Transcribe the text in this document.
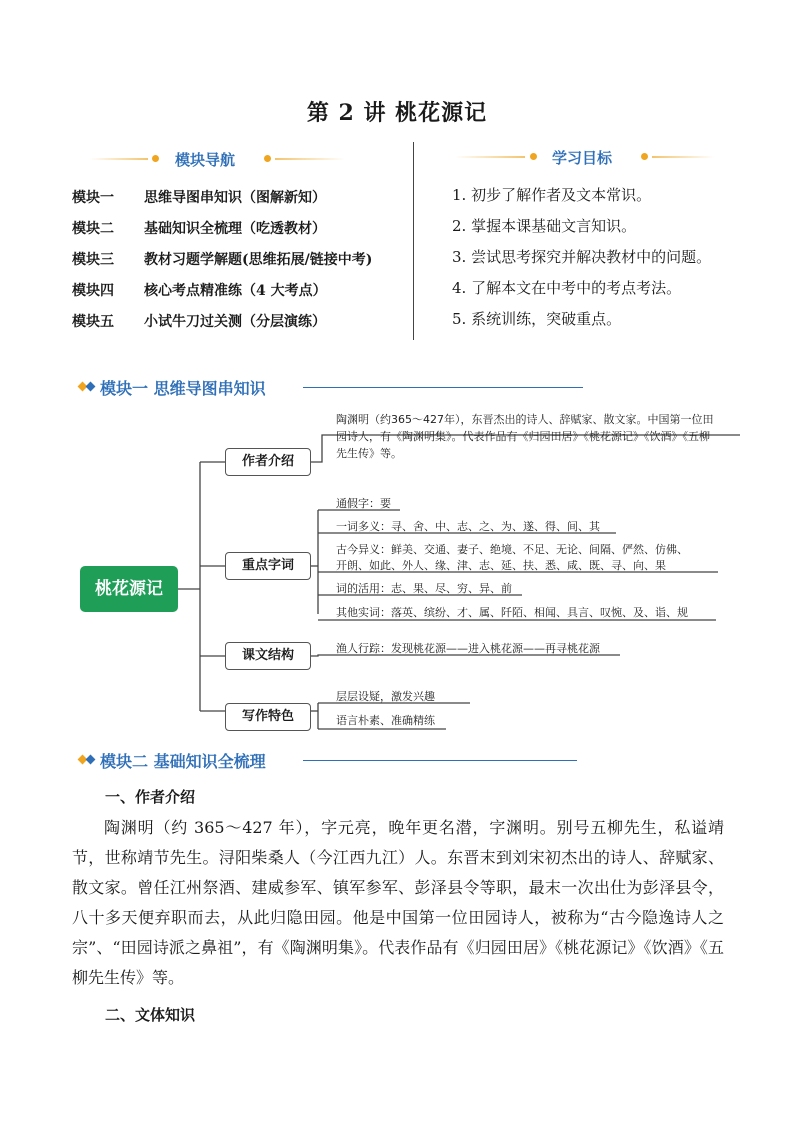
第 2 讲 桃花源记
模块导航
模块一 思维导图串知识（图解新知）
模块二 基础知识全梳理（吃透教材）
模块三 教材习题学解题(思维拓展/链接中考)
模块四 核心考点精准练（4 大考点）
模块五 小试牛刀过关测（分层演练）
学习目标
1. 初步了解作者及文本常识。
2. 掌握本课基础文言知识。
3. 尝试思考探究并解决教材中的问题。
4. 了解本文在中考中的考点考法。
5. 系统训练，突破重点。
模块一 思维导图串知识
桃花源记
作者介绍
重点字词
课文结构
写作特色
陶渊明（约365～427年），东晋杰出的诗人、辞赋家、散文家。中国第一位田园诗人，有《陶渊明集》。代表作品有《归园田居》《桃花源记》《饮酒》《五柳先生传》等。
通假字：要
一词多义：寻、舍、中、志、之、为、遂、得、间、其
古今异义：鲜美、交通、妻子、绝境、不足、无论、间隔、俨然、仿佛、
开朗、如此、外人、缘、津、志、延、扶、悉、咸、既、寻、向、果
词的活用：志、果、尽、穷、异、前
其他实词：落英、缤纷、才、属、阡陌、相闻、具言、叹惋、及、诣、规
渔人行踪：发现桃花源——进入桃花源——再寻桃花源
层层设疑，激发兴趣
语言朴素、准确精练
模块二 基础知识全梳理
一、作者介绍
陶渊明（约 365～427 年），字元亮，晚年更名潜，字渊明。别号五柳先生，私谥靖节，世称靖节先生。浔阳柴桑人（今江西九江）人。东晋末到刘宋初杰出的诗人、辞赋家、散文家。曾任江州祭酒、建威参军、镇军参军、彭泽县令等职，最末一次出仕为彭泽县令，八十多天便弃职而去，从此归隐田园。他是中国第一位田园诗人，被称为“古今隐逸诗人之宗”、“田园诗派之鼻祖”，有《陶渊明集》。代表作品有《归园田居》《桃花源记》《饮酒》《五柳先生传》等。
二、文体知识
